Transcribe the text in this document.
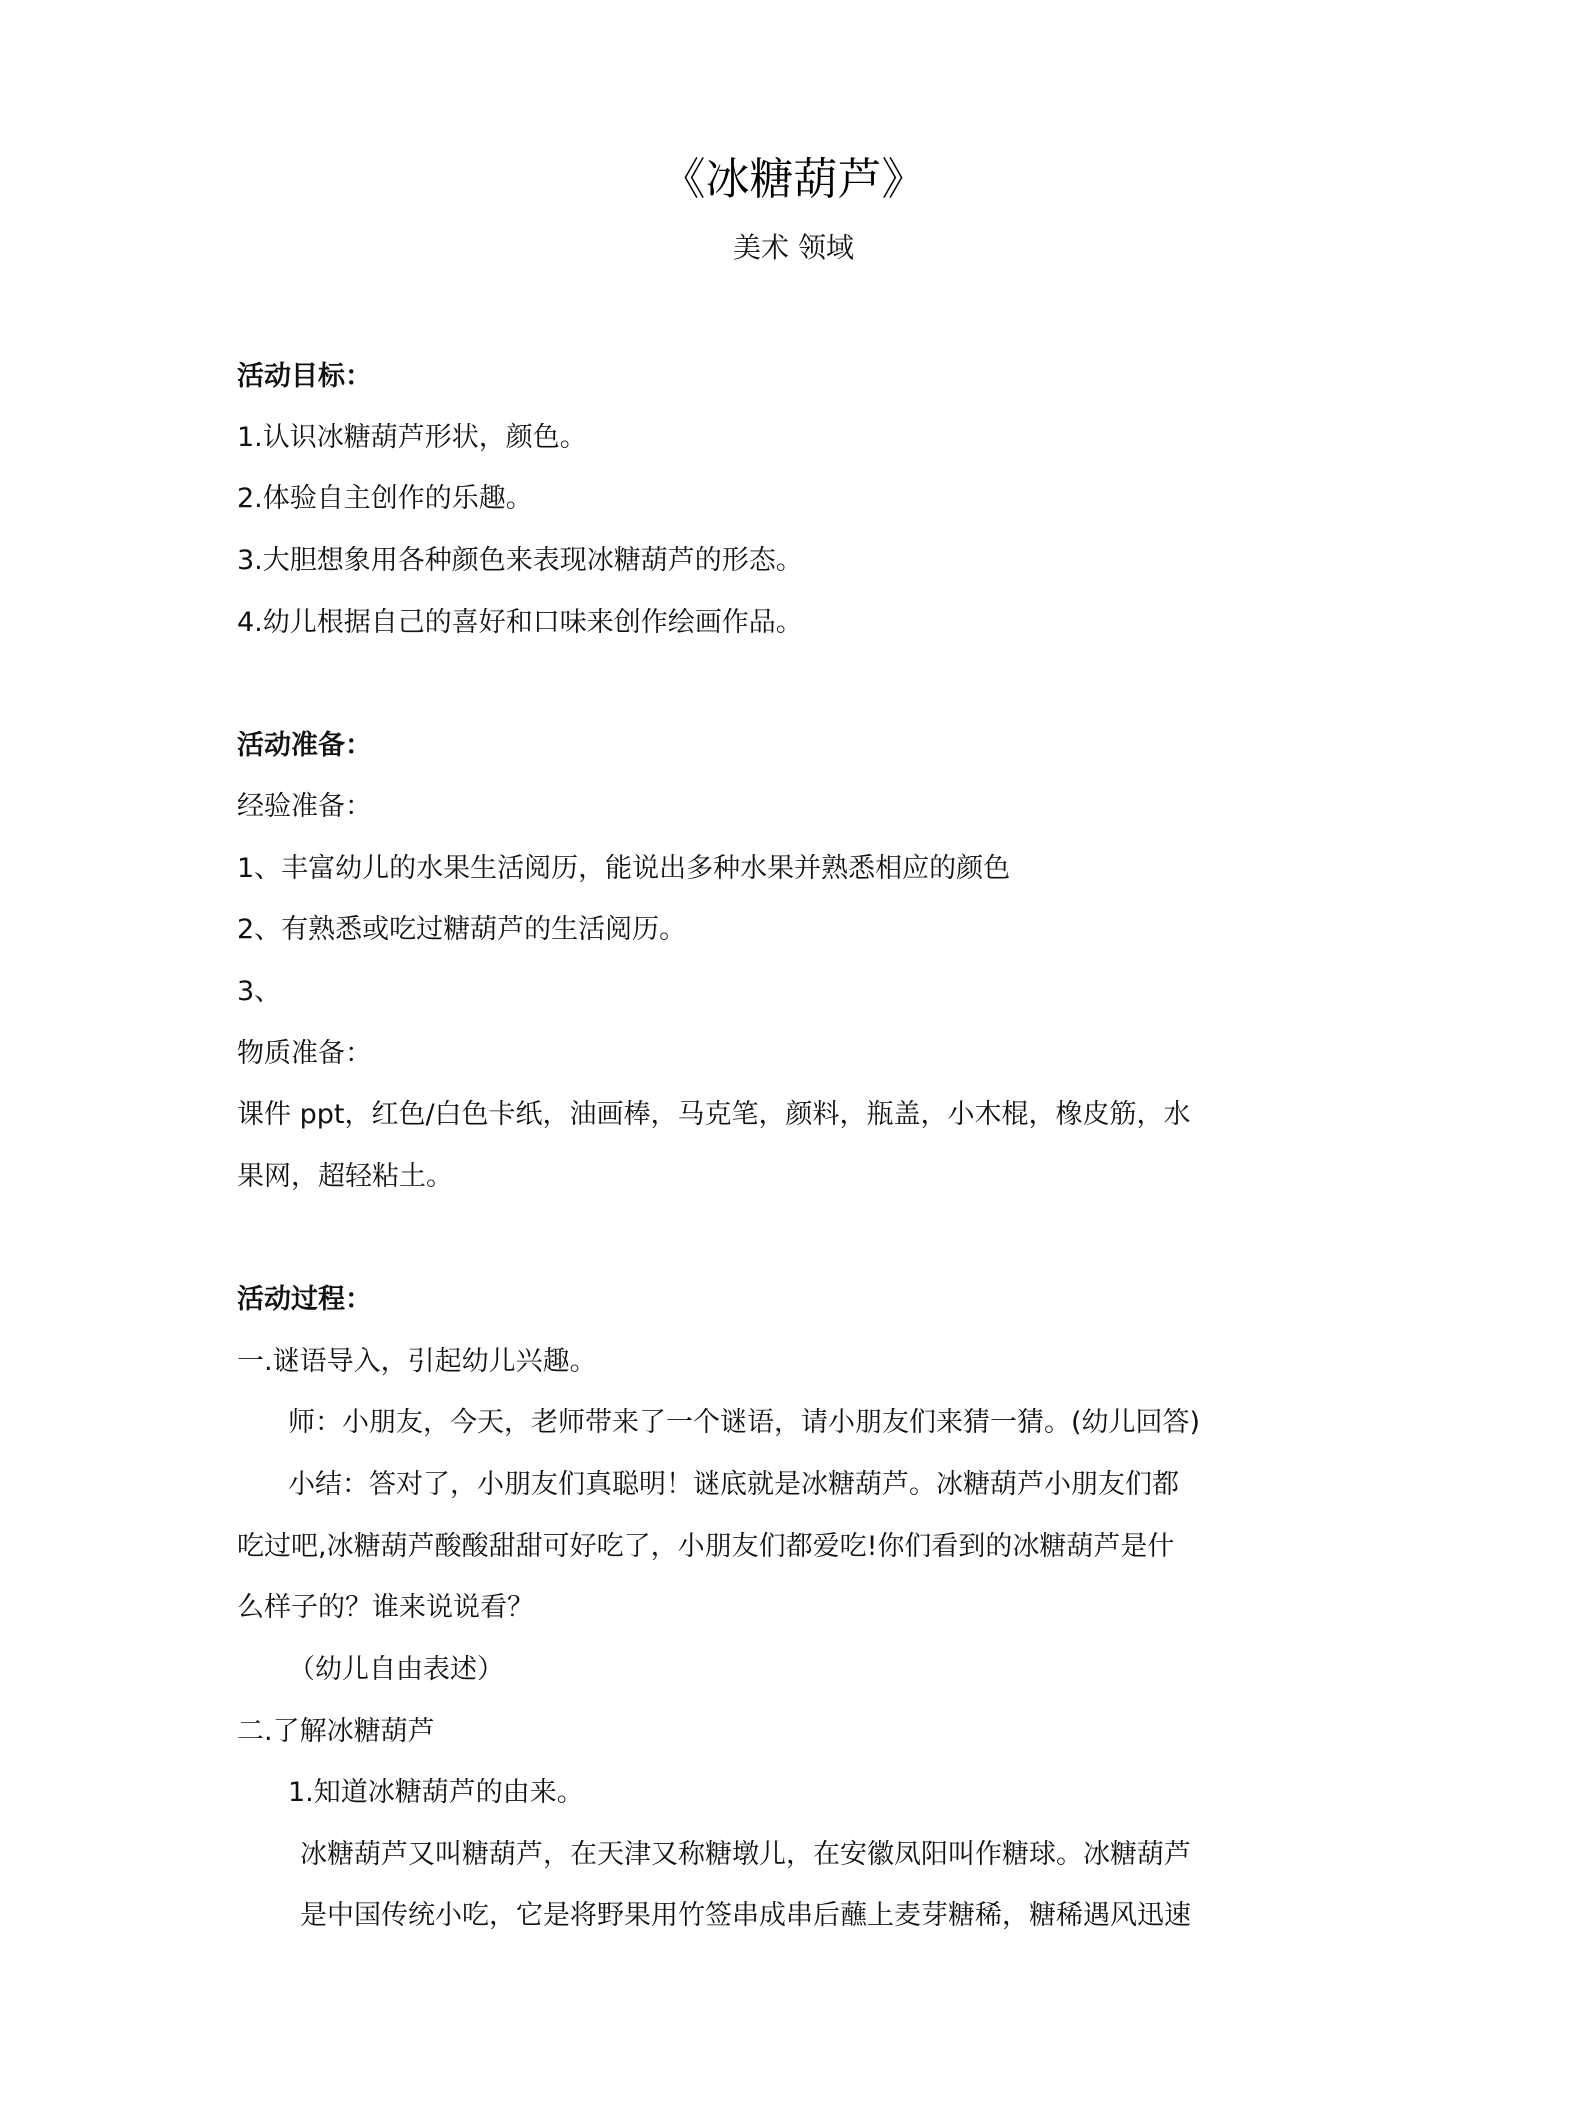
《冰糖葫芦》
美术 领域
活动目标：
1.认识冰糖葫芦形状，颜色。
2.体验自主创作的乐趣。
3.大胆想象用各种颜色来表现冰糖葫芦的形态。
4.幼儿根据自己的喜好和口味来创作绘画作品。
活动准备：
经验准备：
1、丰富幼儿的水果生活阅历，能说出多种水果并熟悉相应的颜色
2、有熟悉或吃过糖葫芦的生活阅历。
3、
物质准备：
课件 ppt，红色/白色卡纸，油画棒，马克笔，颜料，瓶盖，小木棍，橡皮筋，水
果网，超轻粘土。
活动过程：
一.谜语导入，引起幼儿兴趣。
师：小朋友，今天，老师带来了一个谜语，请小朋友们来猜一猜。(幼儿回答)
小结：答对了，小朋友们真聪明！谜底就是冰糖葫芦。冰糖葫芦小朋友们都
吃过吧,冰糖葫芦酸酸甜甜可好吃了，小朋友们都爱吃!你们看到的冰糖葫芦是什
么样子的？谁来说说看？
（幼儿自由表述）
二.了解冰糖葫芦
1.知道冰糖葫芦的由来。
冰糖葫芦又叫糖葫芦，在天津又称糖墩儿，在安徽凤阳叫作糖球。冰糖葫芦
是中国传统小吃，它是将野果用竹签串成串后蘸上麦芽糖稀，糖稀遇风迅速
